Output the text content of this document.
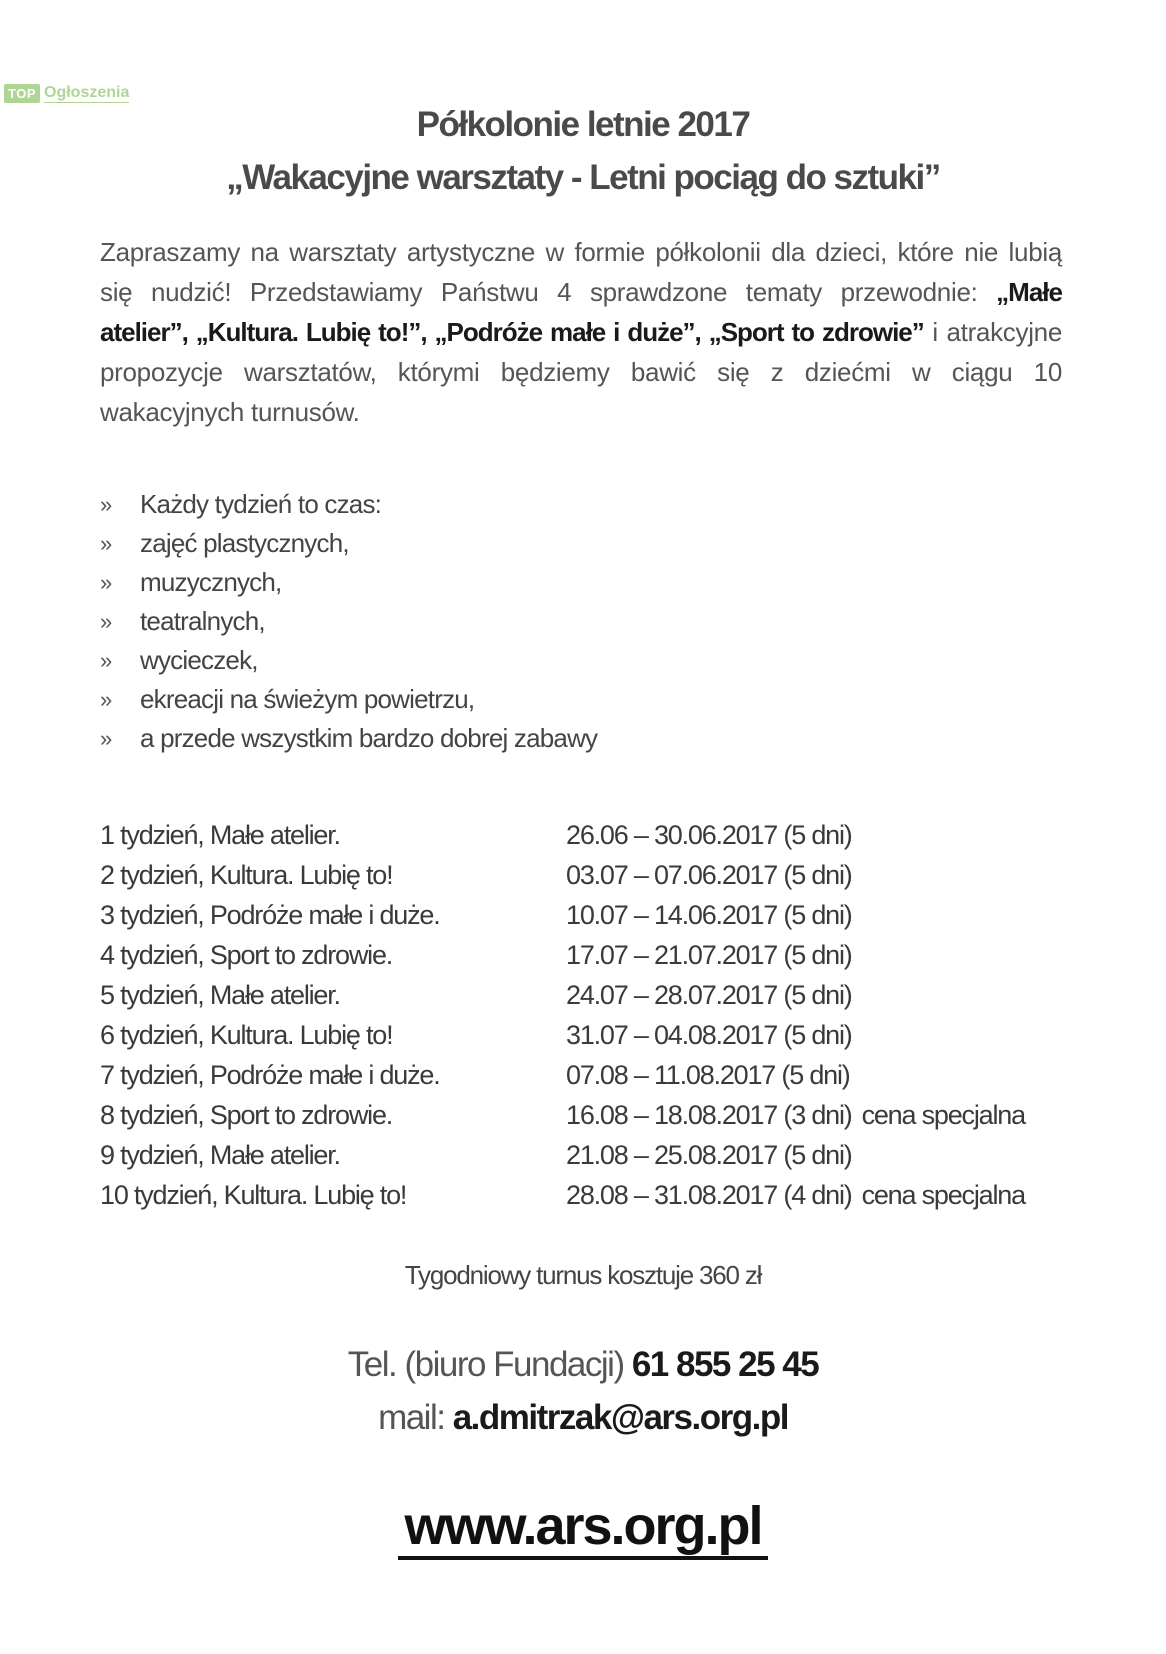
TOP Ogłoszenia
Półkolonie letnie 2017
„Wakacyjne warsztaty - Letni pociąg do sztuki”
Zapraszamy na warsztaty artystyczne w formie półkolonii dla dzieci, które nie lubią się nudzić! Przedstawiamy Państwu 4 sprawdzone tematy przewodnie: „Małe atelier”, „Kultura. Lubię to!”, „Podróże małe i duże”, „Sport to zdrowie” i atrakcyjne propozycje warsztatów, którymi będziemy bawić się z dziećmi w ciągu 10 wakacyjnych turnusów.
»	Każdy tydzień to czas:
»	zajęć plastycznych,
»	muzycznych,
»	teatralnych,
»	wycieczek,
»	ekreacji na świeżym powietrzu,
»	a przede wszystkim bardzo dobrej zabawy
1 tydzień, Małe atelier.	26.06 – 30.06.2017 (5 dni)
2 tydzień, Kultura. Lubię to!	03.07 – 07.06.2017 (5 dni)
3 tydzień, Podróże małe i duże.	10.07 – 14.06.2017 (5 dni)
4 tydzień, Sport to zdrowie.	17.07 – 21.07.2017 (5 dni)
5 tydzień, Małe atelier.	24.07 – 28.07.2017 (5 dni)
6 tydzień, Kultura. Lubię to!	31.07 – 04.08.2017 (5 dni)
7 tydzień, Podróże małe i duże.	07.08 – 11.08.2017 (5 dni)
8 tydzień, Sport to zdrowie.	16.08 – 18.08.2017 (3 dni) cena specjalna
9 tydzień, Małe atelier.	21.08 – 25.08.2017 (5 dni)
10 tydzień, Kultura. Lubię to!	28.08 – 31.08.2017 (4 dni) cena specjalna
Tygodniowy turnus kosztuje 360 zł
Tel. (biuro Fundacji) 61 855 25 45
mail: a.dmitrzak@ars.org.pl
www.ars.org.pl
